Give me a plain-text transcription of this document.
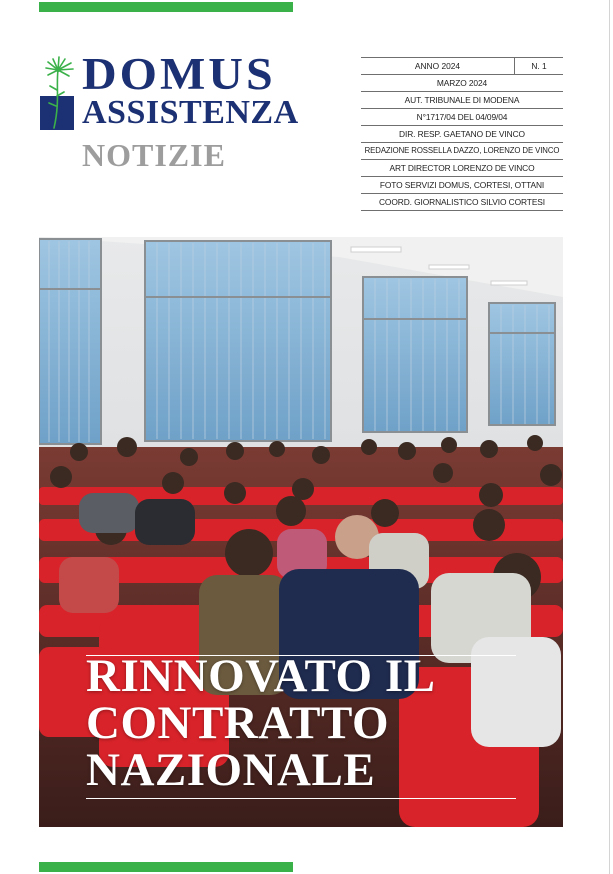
DOMUS
ASSISTENZA
NOTIZIE
ANNO 2024	N. 1
MARZO 2024
AUT. TRIBUNALE DI MODENA
N°1717/04 DEL 04/09/04
DIR. RESP. GAETANO DE VINCO
REDAZIONE ROSSELLA DAZZO, LORENZO DE VINCO
ART DIRECTOR LORENZO DE VINCO
FOTO SERVIZI DOMUS, CORTESI, OTTANI
COORD. GIORNALISTICO SILVIO CORTESI
RINNOVATO IL
CONTRATTO
NAZIONALE
